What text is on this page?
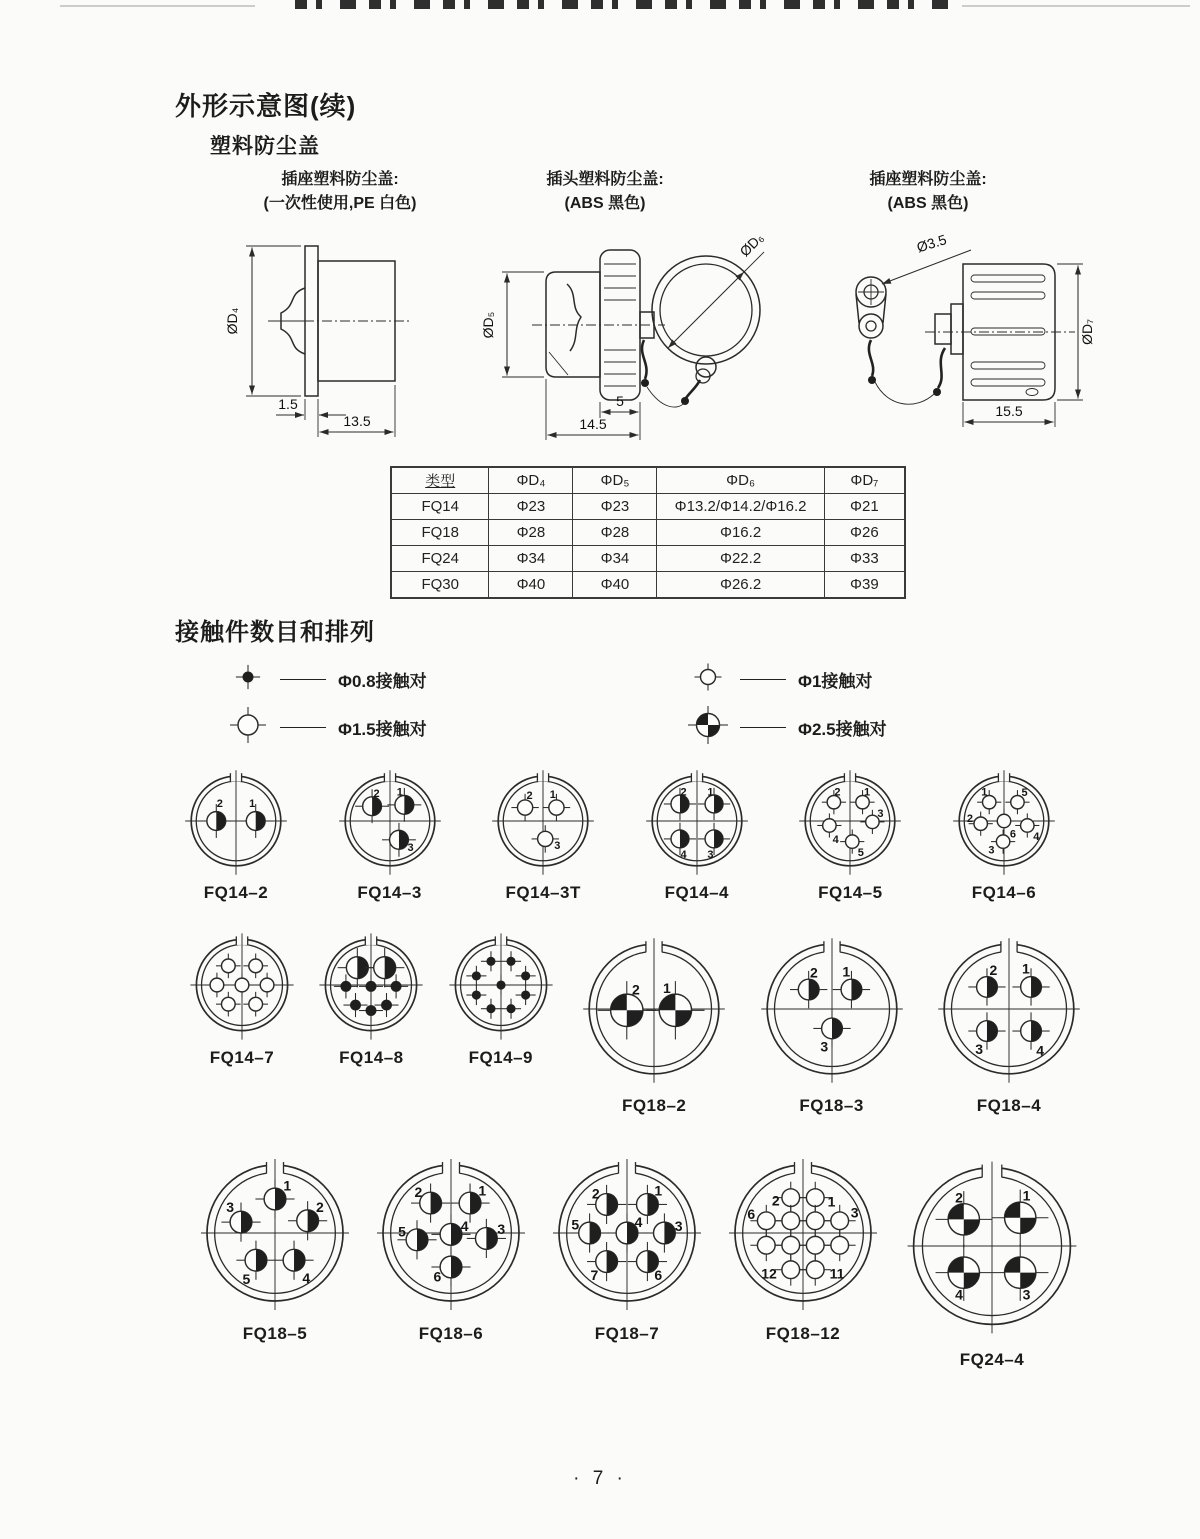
外形示意图(续)
塑料防尘盖
插座塑料防尘盖:
(一次性使用,PE 白色)
插头塑料防尘盖:
(ABS 黑色)
插座塑料防尘盖:
(ABS 黑色)
ØD₄
1.5
13.5
ØD₆
ØD₅
5
14.5
Ø3.5
ØD₇
15.5
类型	ΦD₄	ΦD₅	ΦD₆	ΦD₇
FQ14	Φ23	Φ23	Φ13.2/Φ14.2/Φ16.2	Φ21
FQ18	Φ28	Φ28	Φ16.2	Φ26
FQ24	Φ34	Φ34	Φ22.2	Φ33
FQ30	Φ40	Φ40	Φ26.2	Φ39
接触件数目和排列
Φ0.8接触对	Φ1接触对
Φ1.5接触对	Φ2.5接触对
2 1
FQ14–2
2 1
3
FQ14–3
2 1
3
FQ14–3T
2 1
4 3
FQ14–4
2 1
3
4
5
FQ14–5
1	5
2
6 4
3
FQ14–6
FQ14–7	FQ14–8	FQ14–9
2 1
FQ18–2
2 1
3
FQ18–3
2 1
3	4
FQ18–4
1
3	2
5	4
FQ18–5
2	1
5	4 3
6
FQ18–6
2	1
5	4 3
7	6
FQ18–7
2	1
6	3
12	11
FQ18–12
2	1
4	3
FQ24–4
· 7 ·
